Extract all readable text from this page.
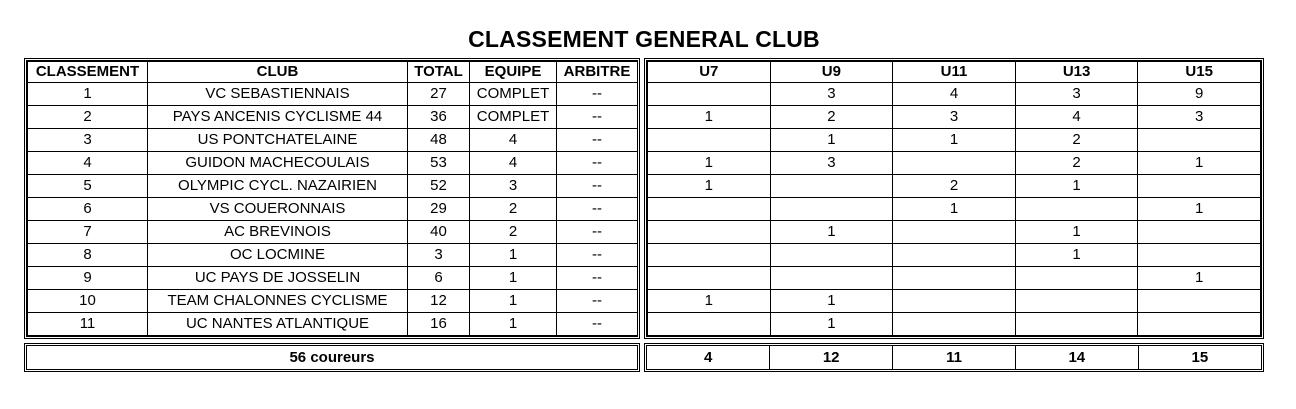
CLASSEMENT GENERAL CLUB
CLASSEMENT	CLUB	TOTAL	EQUIPE	ARBITRE
1	VC SEBASTIENNAIS	27	COMPLET	--
2	PAYS ANCENIS CYCLISME 44	36	COMPLET	--
3	US PONTCHATELAINE	48	4	--
4	GUIDON MACHECOULAIS	53	4	--
5	OLYMPIC CYCL. NAZAIRIEN	52	3	--
6	VS COUERONNAIS	29	2	--
7	AC BREVINOIS	40	2	--
8	OC LOCMINE	3	1	--
9	UC PAYS DE JOSSELIN	6	1	--
10	TEAM CHALONNES CYCLISME	12	1	--
11	UC NANTES ATLANTIQUE	16	1	--
U7	U9	U11	U13	U15
	3	4	3	9
1	2	3	4	3
	1	1	2	
1	3		2	1
1		2	1	
		1		1
	1		1	
			1	
				1
1	1			
	1			
56 coureurs	4	12	11	14	15
